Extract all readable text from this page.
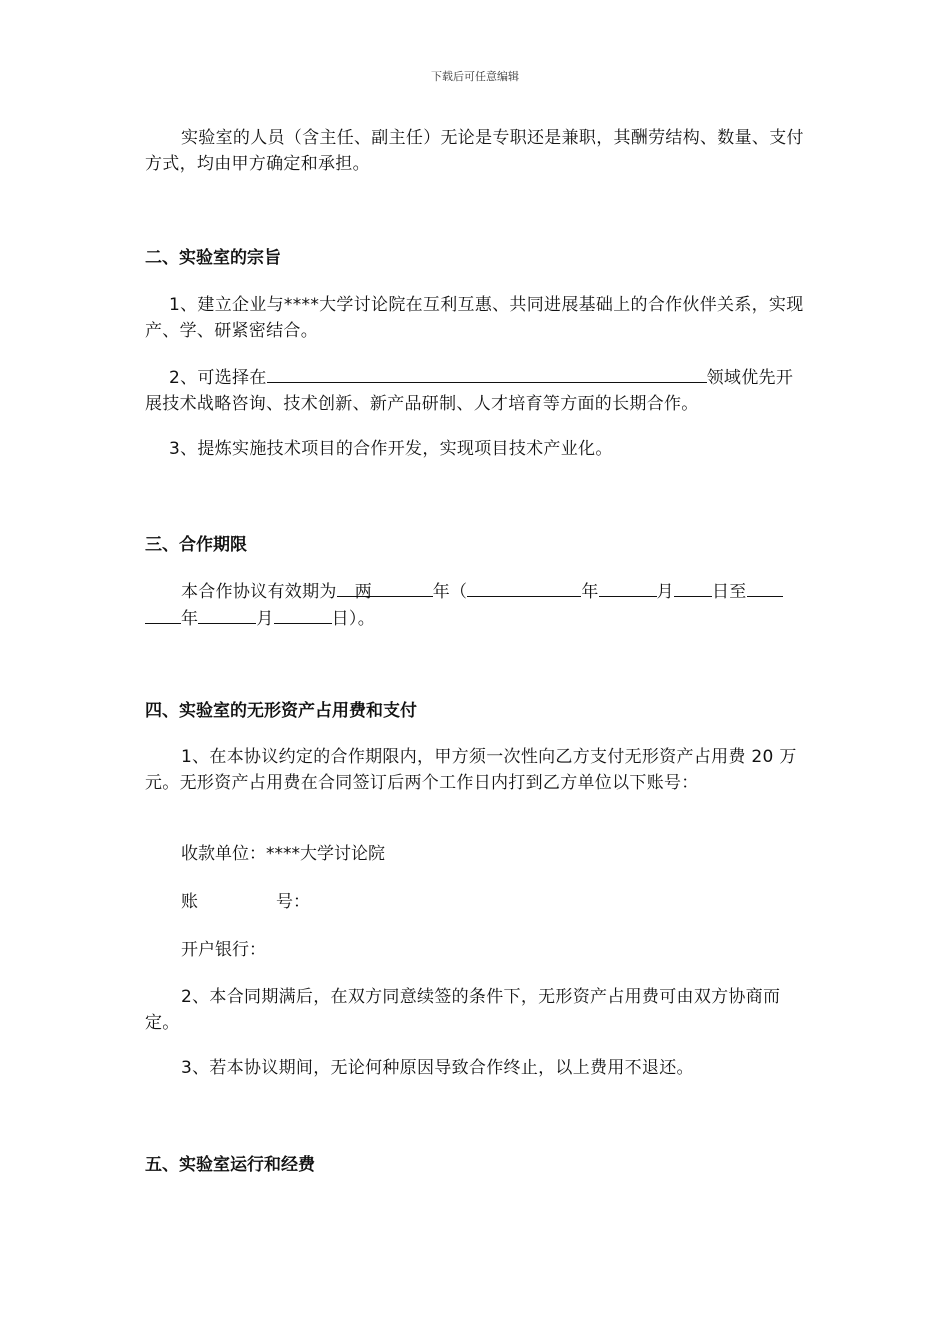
下载后可任意编辑
实验室的人员（含主任、副主任）无论是专职还是兼职，其酬劳结构、数量、支付方式，均由甲方确定和承担。
二、实验室的宗旨
1、建立企业与****大学讨论院在互利互惠、共同进展基础上的合作伙伴关系，实现产、学、研紧密结合。
2、可选择在	领域优先开展技术战略咨询、技术创新、新产品研制、人才培育等方面的长期合作。
3、提炼实施技术项目的合作开发，实现项目技术产业化。
三、合作期限
本合作协议有效期为 两	年（	年	月 日至
年	月	日）。
四、实验室的无形资产占用费和支付
1、在本协议约定的合作期限内，甲方须一次性向乙方支付无形资产占用费 20 万元。无形资产占用费在合同签订后两个工作日内打到乙方单位以下账号：
收款单位：****大学讨论院
账	号：
开户银行：
2、本合同期满后，在双方同意续签的条件下，无形资产占用费可由双方协商而定。
3、若本协议期间，无论何种原因导致合作终止，以上费用不退还。
五、实验室运行和经费
